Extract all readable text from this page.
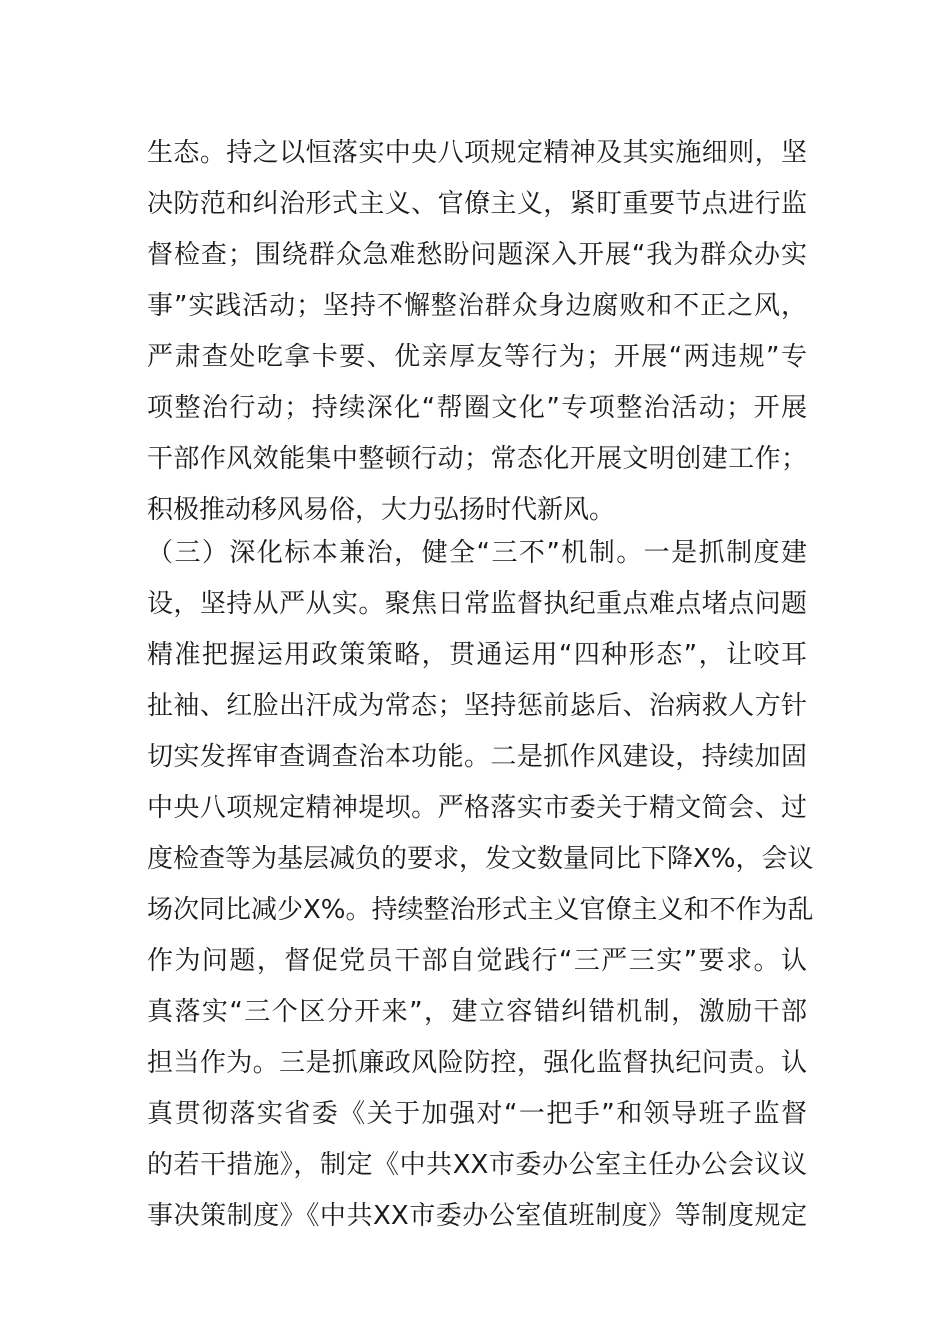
生态。持之以恒落实中央八项规定精神及其实施细则，坚
决防范和纠治形式主义、官僚主义，紧盯重要节点进行监
督检查；围绕群众急难愁盼问题深入开展“我为群众办实
事”实践活动；坚持不懈整治群众身边腐败和不正之风，
严肃查处吃拿卡要、优亲厚友等行为；开展“两违规”专
项整治行动；持续深化“帮圈文化”专项整治活动；开展
干部作风效能集中整顿行动；常态化开展文明创建工作；
积极推动移风易俗，大力弘扬时代新风。
（三）深化标本兼治，健全“三不”机制。一是抓制度建
设，坚持从严从实。聚焦日常监督执纪重点难点堵点问题
精准把握运用政策策略，贯通运用“四种形态”，让咬耳
扯袖、红脸出汗成为常态；坚持惩前毖后、治病救人方针
切实发挥审查调查治本功能。二是抓作风建设，持续加固
中央八项规定精神堤坝。严格落实市委关于精文简会、过
度检查等为基层减负的要求，发文数量同比下降X%，会议
场次同比减少X%。持续整治形式主义官僚主义和不作为乱
作为问题，督促党员干部自觉践行“三严三实”要求。认
真落实“三个区分开来”，建立容错纠错机制，激励干部
担当作为。三是抓廉政风险防控，强化监督执纪问责。认
真贯彻落实省委《关于加强对“一把手”和领导班子监督
的若干措施》，制定《中共XX市委办公室主任办公会议议
事决策制度》《中共XX市委办公室值班制度》等制度规定
